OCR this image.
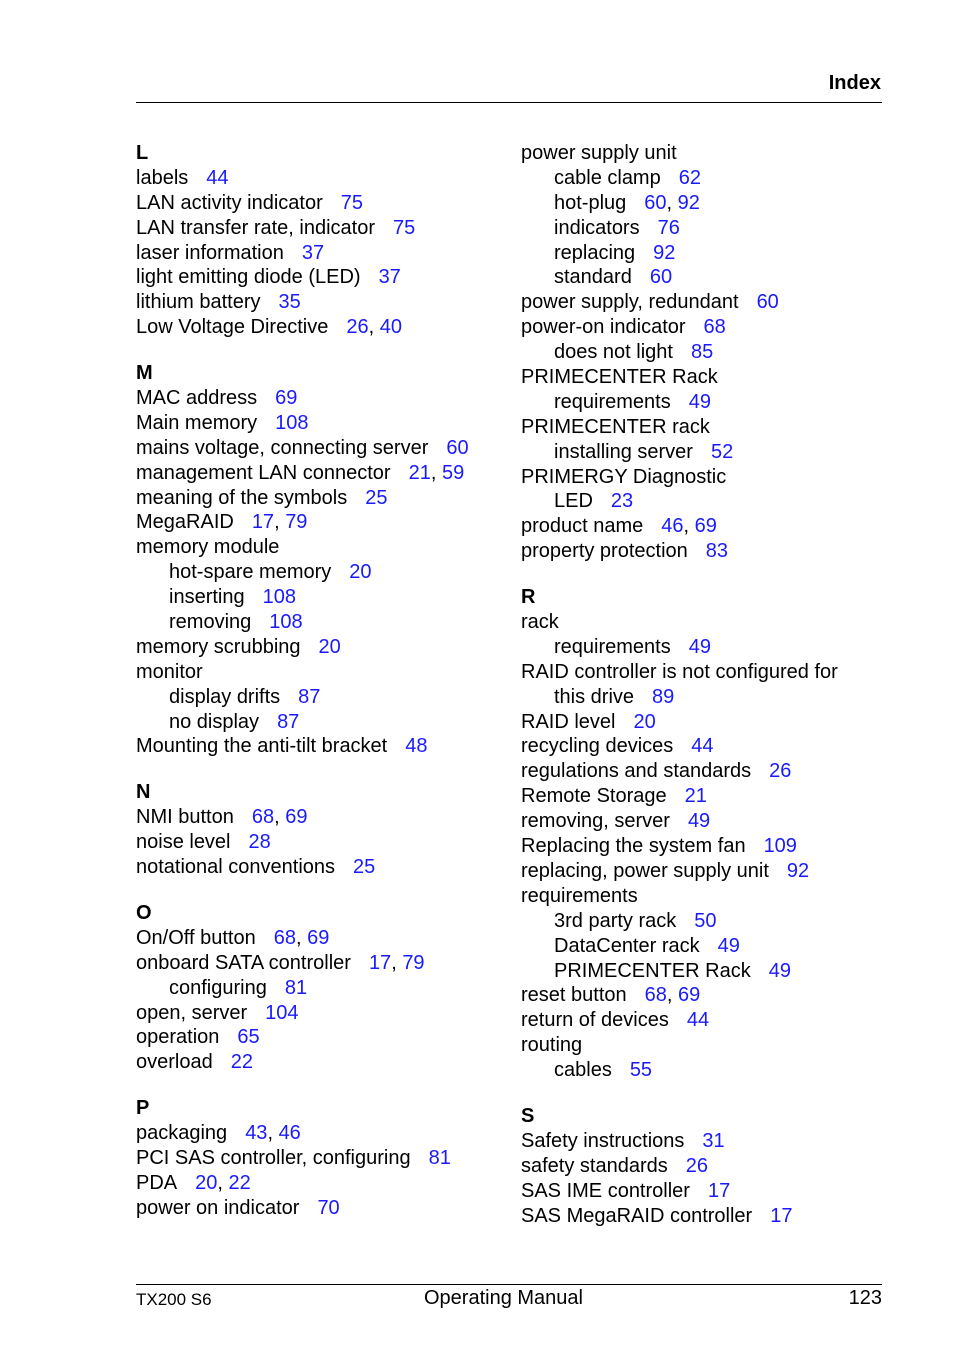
Index
L
labels 44
LAN activity indicator 75
LAN transfer rate, indicator 75
laser information 37
light emitting diode (LED) 37
lithium battery 35
Low Voltage Directive 26, 40
M
MAC address 69
Main memory 108
mains voltage, connecting server 60
management LAN connector 21, 59
meaning of the symbols 25
MegaRAID 17, 79
memory module
hot-spare memory 20
inserting 108
removing 108
memory scrubbing 20
monitor
display drifts 87
no display 87
Mounting the anti-tilt bracket 48
N
NMI button 68, 69
noise level 28
notational conventions 25
O
On/Off button 68, 69
onboard SATA controller 17, 79
configuring 81
open, server 104
operation 65
overload 22
P
packaging 43, 46
PCI SAS controller, configuring 81
PDA 20, 22
power on indicator 70
power supply unit
cable clamp 62
hot-plug 60, 92
indicators 76
replacing 92
standard 60
power supply, redundant 60
power-on indicator 68
does not light 85
PRIMECENTER Rack
requirements 49
PRIMECENTER rack
installing server 52
PRIMERGY Diagnostic
LED 23
product name 46, 69
property protection 83
R
rack
requirements 49
RAID controller is not configured for
this drive 89
RAID level 20
recycling devices 44
regulations and standards 26
Remote Storage 21
removing, server 49
Replacing the system fan 109
replacing, power supply unit 92
requirements
3rd party rack 50
DataCenter rack 49
PRIMECENTER Rack 49
reset button 68, 69
return of devices 44
routing
cables 55
S
Safety instructions 31
safety standards 26
SAS IME controller 17
SAS MegaRAID controller 17
TX200 S6	Operating Manual	123
